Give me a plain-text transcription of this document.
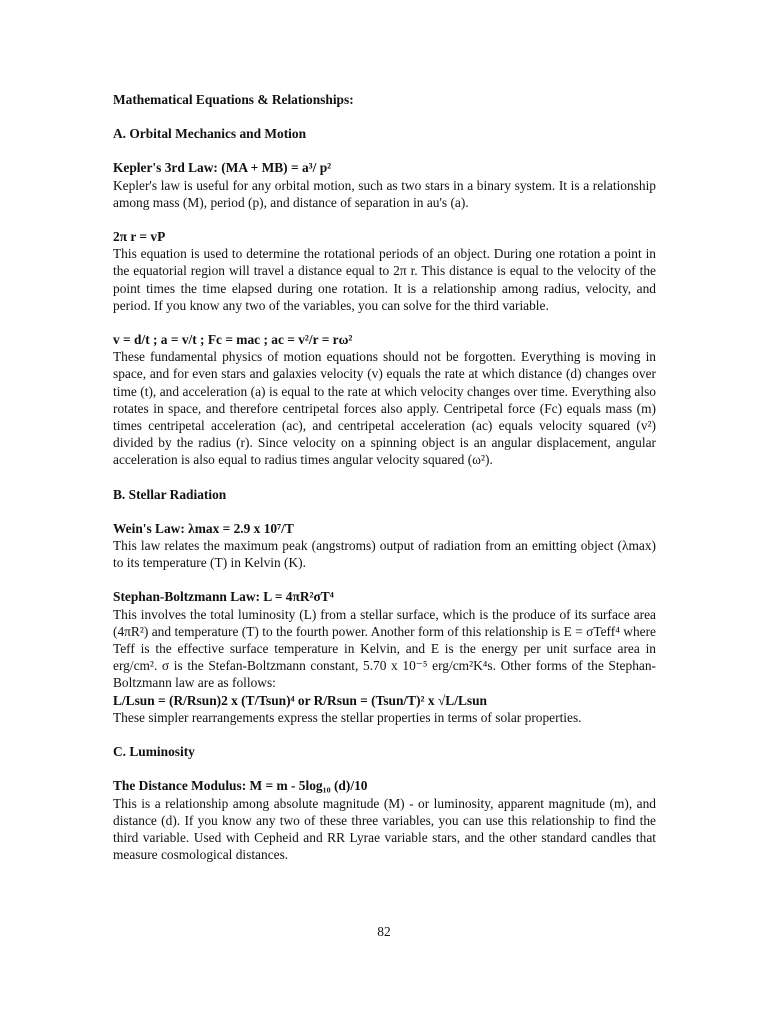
Mathematical Equations & Relationships:

A. Orbital Mechanics and Motion

Kepler's 3rd Law: (MA + MB) = a³/ p²

Kepler's law is useful for any orbital motion, such as two stars in a binary system. It is a relationship among mass (M), period (p), and distance of separation in au's (a).

2π r = vP

This equation is used to determine the rotational periods of an object. During one rotation a point in the equatorial region will travel a distance equal to 2π r. This distance is equal to the velocity of the point times the time elapsed during one rotation. It is a relationship among radius, velocity, and period. If you know any two of the variables, you can solve for the third variable.

v = d/t ; a = v/t ; Fc = mac ; ac = v²/r = rω²

These fundamental physics of motion equations should not be forgotten. Everything is moving in space, and for even stars and galaxies velocity (v) equals the rate at which distance (d) changes over time (t), and acceleration (a) is equal to the rate at which velocity changes over time. Everything also rotates in space, and therefore centripetal forces also apply. Centripetal force (Fc) equals mass (m) times centripetal acceleration (ac), and centripetal acceleration (ac) equals velocity squared (v²) divided by the radius (r). Since velocity on a spinning object is an angular displacement, angular acceleration is also equal to radius times angular velocity squared (ω²).

B. Stellar Radiation

Wein's Law: λmax = 2.9 x 10⁷/T

This law relates the maximum peak (angstroms) output of radiation from an emitting object (λmax) to its temperature (T) in Kelvin (K).

Stephan-Boltzmann Law: L = 4πR²σT⁴

This involves the total luminosity (L) from a stellar surface, which is the produce of its surface area (4πR²) and temperature (T) to the fourth power. Another form of this relationship is E = σTeff⁴ where Teff is the effective surface temperature in Kelvin, and E is the energy per unit surface area in erg/cm². σ is the Stefan-Boltzmann constant, 5.70 x 10⁻⁵ erg/cm²K⁴s. Other forms of the Stephan-Boltzmann law are as follows:

L/Lsun = (R/Rsun)2 x (T/Tsun)⁴ or R/Rsun = (Tsun/T)² x √L/Lsun

These simpler rearrangements express the stellar properties in terms of solar properties.

C. Luminosity

The Distance Modulus: M = m - 5log₁₀ (d)/10

This is a relationship among absolute magnitude (M) - or luminosity, apparent magnitude (m), and distance (d). If you know any two of these three variables, you can use this relationship to find the third variable. Used with Cepheid and RR Lyrae variable stars, and the other standard candles that measure cosmological distances.

82
